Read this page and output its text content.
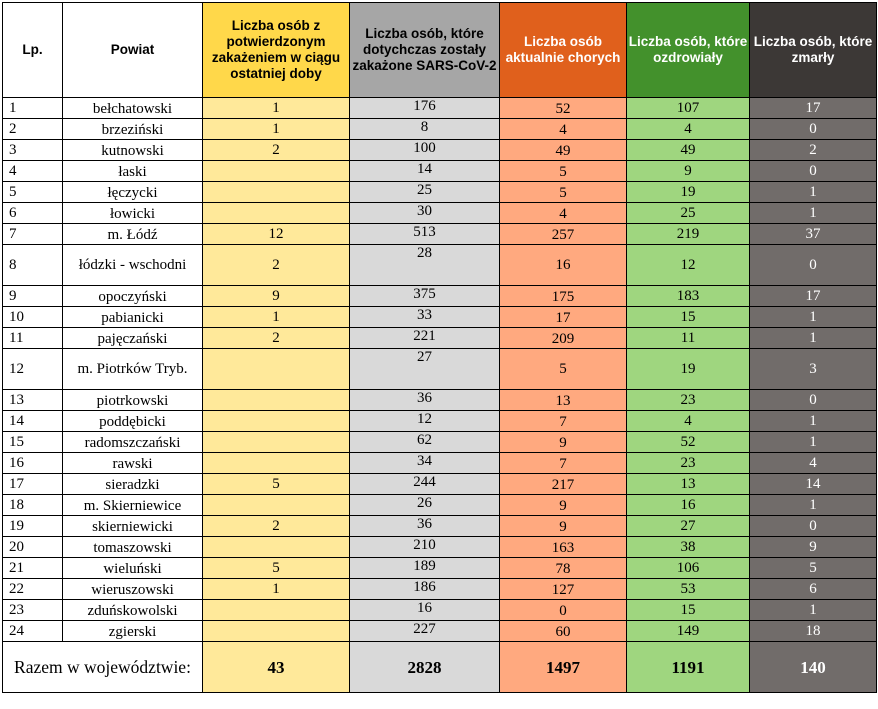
Lp.	Powiat	Liczba osób z potwierdzonym zakażeniem w ciągu ostatniej doby	Liczba osób, które dotychczas zostały zakażone SARS-CoV-2	Liczba osób aktualnie chorych	Liczba osób, które ozdrowiały	Liczba osób, które zmarły
1	bełchatowski	1	176	52	107	17
2	brzeziński	1	8	4	4	0
3	kutnowski	2	100	49	49	2
4	łaski		14	5	9	0
5	łęczycki		25	5	19	1
6	łowicki		30	4	25	1
7	m. Łódź	12	513	257	219	37
8	łódzki - wschodni	2	28	16	12	0
9	opoczyński	9	375	175	183	17
10	pabianicki	1	33	17	15	1
11	pajęczański	2	221	209	11	1
12	m. Piotrków Tryb.		27	5	19	3
13	piotrkowski		36	13	23	0
14	poddębicki		12	7	4	1
15	radomszczański		62	9	52	1
16	rawski		34	7	23	4
17	sieradzki	5	244	217	13	14
18	m. Skierniewice		26	9	16	1
19	skierniewicki	2	36	9	27	0
20	tomaszowski		210	163	38	9
21	wieluński	5	189	78	106	5
22	wieruszowski	1	186	127	53	6
23	zduńskowolski		16	0	15	1
24	zgierski		227	60	149	18
Razem w województwie:		43	2828	1497	1191	140
